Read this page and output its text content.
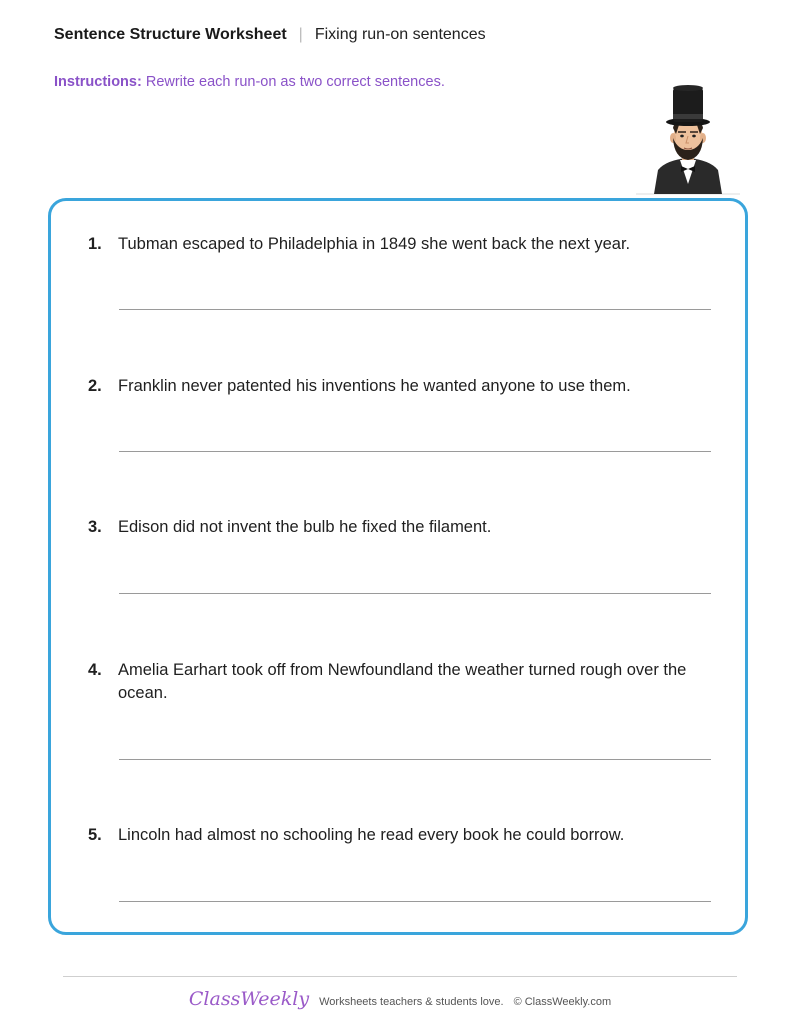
Sentence Structure Worksheet | Fixing run-on sentences
Instructions: Rewrite each run-on as two correct sentences.
1. Tubman escaped to Philadelphia in 1849 she went back the next year.
2. Franklin never patented his inventions he wanted anyone to use them.
3. Edison did not invent the bulb he fixed the filament.
4. Amelia Earhart took off from Newfoundland the weather turned rough over the ocean.
5. Lincoln had almost no schooling he read every book he could borrow.
ClassWeekly Worksheets teachers & students love. © ClassWeekly.com
